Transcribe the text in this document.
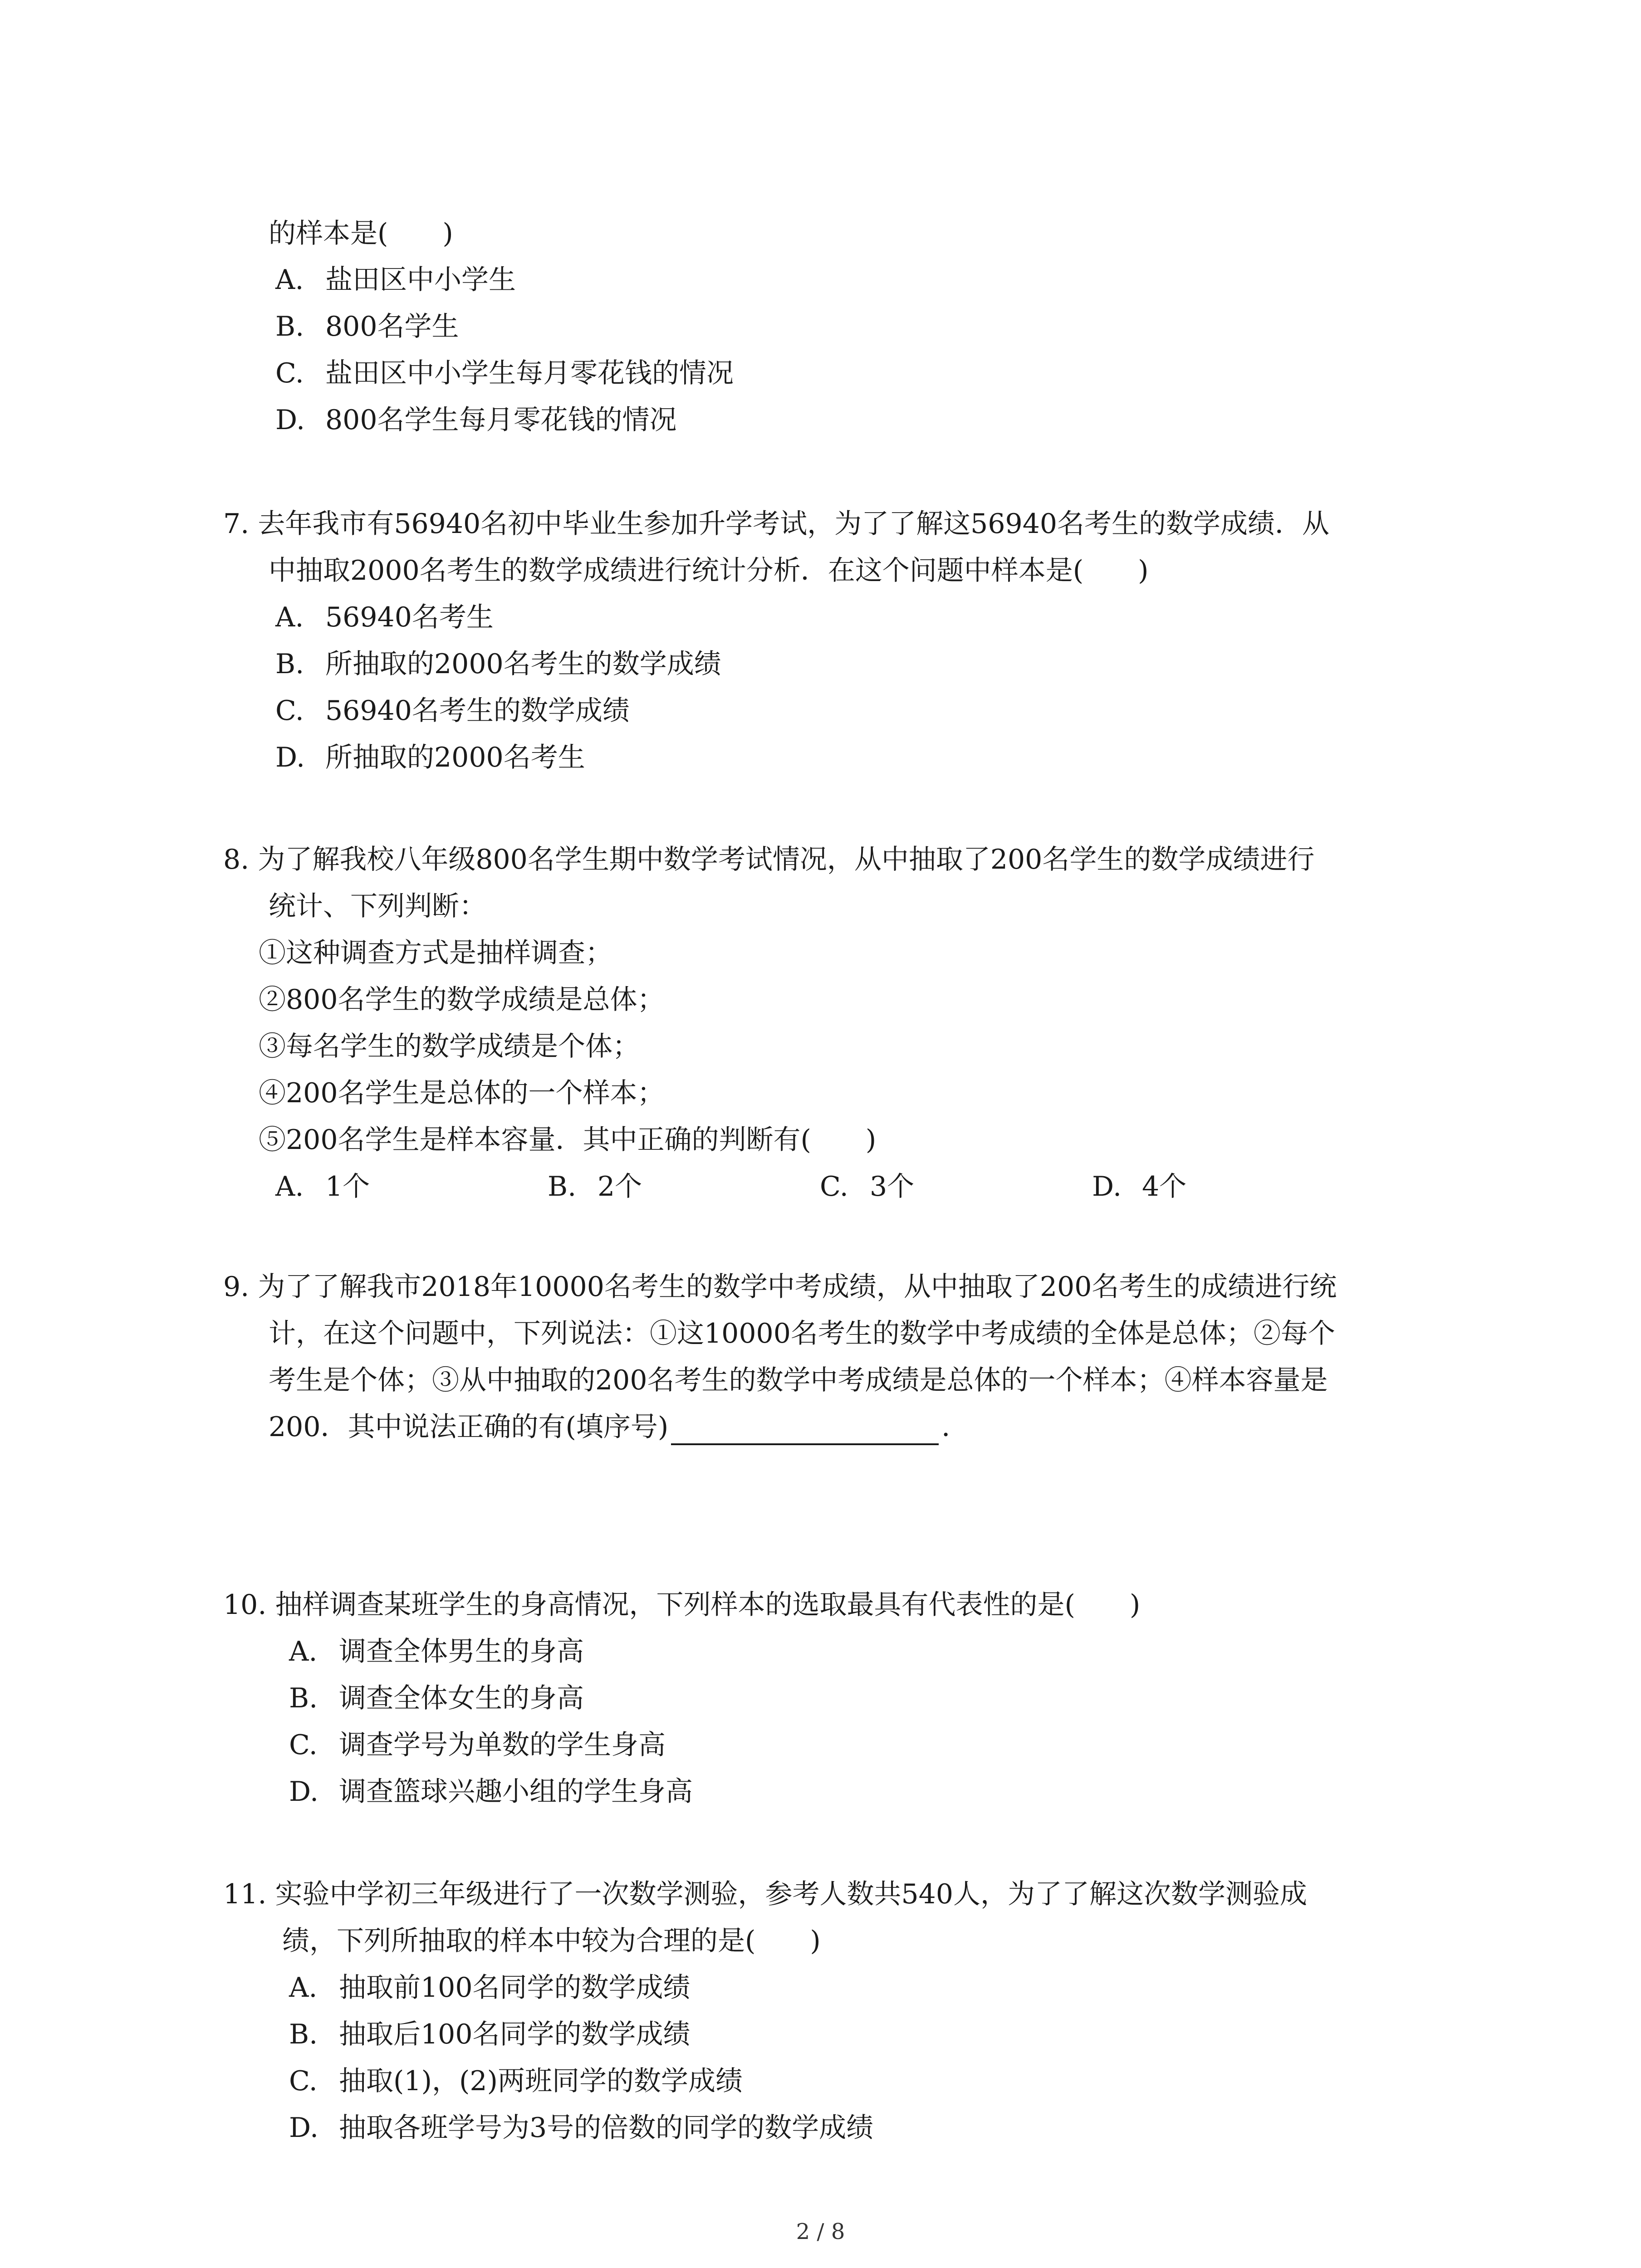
的样本是(　　)
A. 盐田区中小学生
B. 800名学生
C. 盐田区中小学生每月零花钱的情况
D. 800名学生每月零花钱的情况
7. 去年我市有56940名初中毕业生参加升学考试，为了了解这56940名考生的数学成绩．从
中抽取2000名考生的数学成绩进行统计分析．在这个问题中样本是(　　)
A. 56940名考生
B. 所抽取的2000名考生的数学成绩
C. 56940名考生的数学成绩
D. 所抽取的2000名考生
8. 为了解我校八年级800名学生期中数学考试情况，从中抽取了200名学生的数学成绩进行
统计、下列判断：
①这种调查方式是抽样调查；
②800名学生的数学成绩是总体；
③每名学生的数学成绩是个体；
④200名学生是总体的一个样本；
⑤200名学生是样本容量．其中正确的判断有(　　)
A. 1个	B. 2个	C. 3个	D. 4个
9. 为了了解我市2018年10000名考生的数学中考成绩，从中抽取了200名考生的成绩进行统
计，在这个问题中，下列说法：①这10000名考生的数学中考成绩的全体是总体；②每个
考生是个体；③从中抽取的200名考生的数学中考成绩是总体的一个样本；④样本容量是
200．其中说法正确的有(填序号)	．
10. 抽样调查某班学生的身高情况，下列样本的选取最具有代表性的是(　　)
A. 调查全体男生的身高
B. 调查全体女生的身高
C. 调查学号为单数的学生身高
D. 调查篮球兴趣小组的学生身高
11. 实验中学初三年级进行了一次数学测验，参考人数共540人，为了了解这次数学测验成
绩，下列所抽取的样本中较为合理的是(　　)
A. 抽取前100名同学的数学成绩
B. 抽取后100名同学的数学成绩
C. 抽取(1)，(2)两班同学的数学成绩
D. 抽取各班学号为3号的倍数的同学的数学成绩
2 / 8
